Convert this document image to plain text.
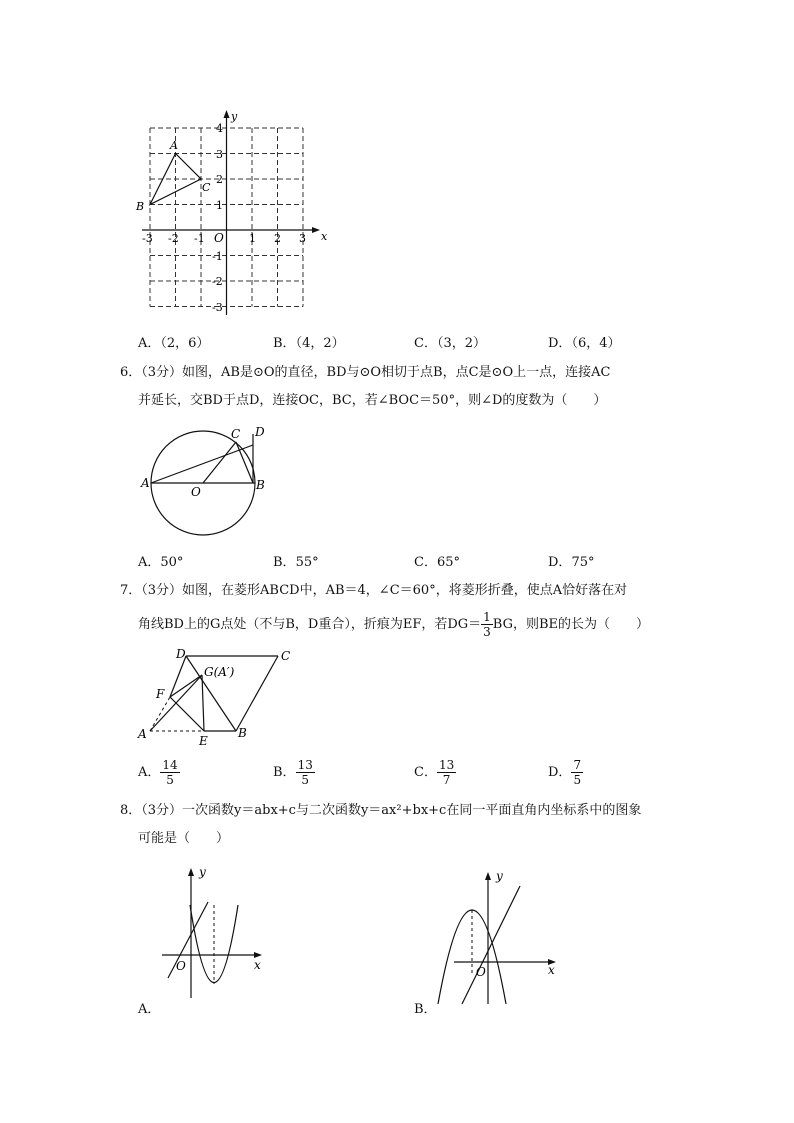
y
x
O
-3 -2 -1	1 2 3
4
3
2
1
-1
-2
-3
A
B
C
A．（2，6）	B．（4，2）	C．（3，2）	D．（6，4）
6．（3分）如图，AB是⊙O的直径，BD与⊙O相切于点B，点C是⊙O上一点，连接AC
并延长，交BD于点D，连接OC，BC，若∠BOC＝50°，则∠D的度数为（　　）
A
O	B
C D
A．50°	B．55°	C．65°	D．75°
7．（3分）如图，在菱形ABCD中，AB＝4，∠C＝60°，将菱形折叠，使点A恰好落在对
角线BD上的G点处（不与B，D重合），折痕为EF，若$DG= \frac{1}{3}$ BG，则BE的长为（　　）
D	C
G(A′)
F
A	E
B
A． $\frac{14}{5}$	B． $\frac{13}{5}$	C． $\frac{13}{7}$	D． $\frac{7}{5}$
8．（3分）一次函数y＝abx+c与二次函数y＝ax²+bx+c在同一平面直角内坐标系中的图象
可能是（　　）
y
x
O
A．
y
x
O
B．
